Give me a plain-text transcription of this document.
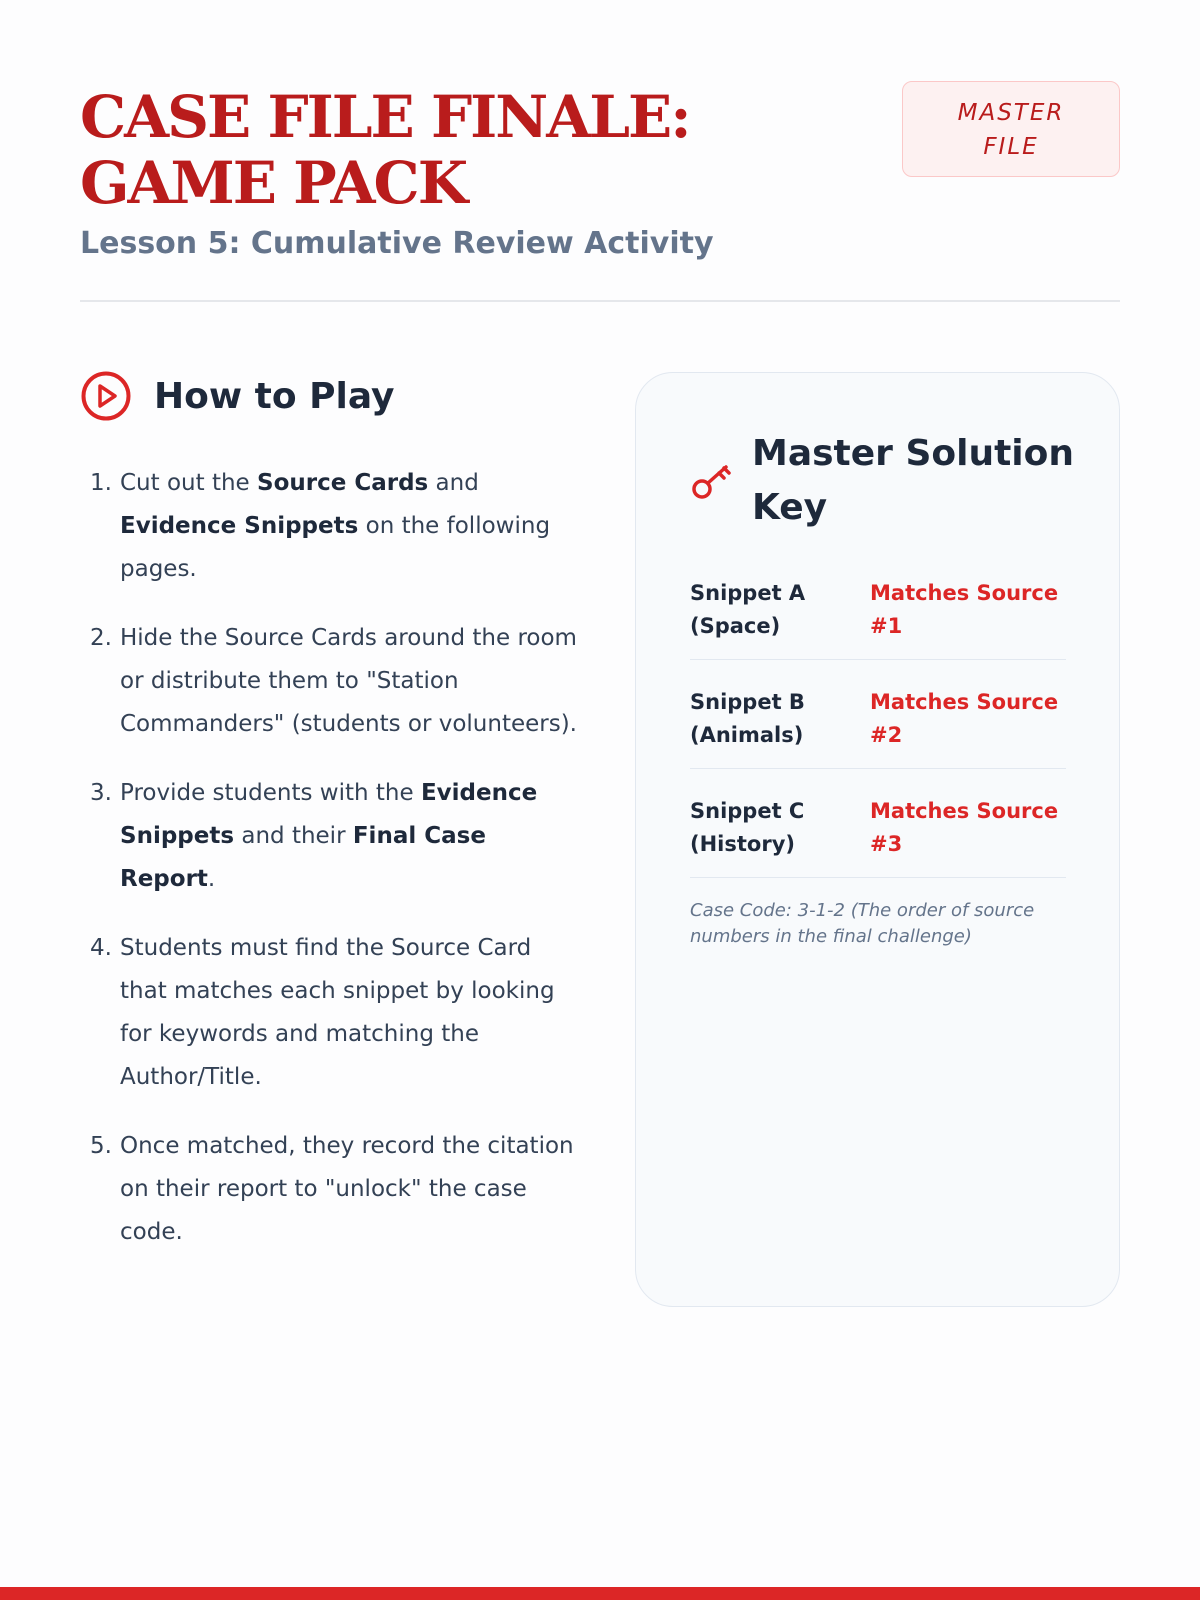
CASE FILE FINALE: GAME PACK
Lesson 5: Cumulative Review Activity
MASTER
FILE
How to Play
1. Cut out the Source Cards and Evidence Snippets on the following pages.
2. Hide the Source Cards around the room or distribute them to "Station Commanders" (students or volunteers).
3. Provide students with the Evidence Snippets and their Final Case Report.
4. Students must find the Source Card that matches each snippet by looking for keywords and matching the Author/Title.
5. Once matched, they record the citation on their report to "unlock" the case code.
Master Solution Key
Snippet A (Space)
Matches Source #1
Snippet B (Animals)
Matches Source #2
Snippet C (History)
Matches Source #3

Case Code: 3-1-2 (The order of source numbers in the final challenge)
